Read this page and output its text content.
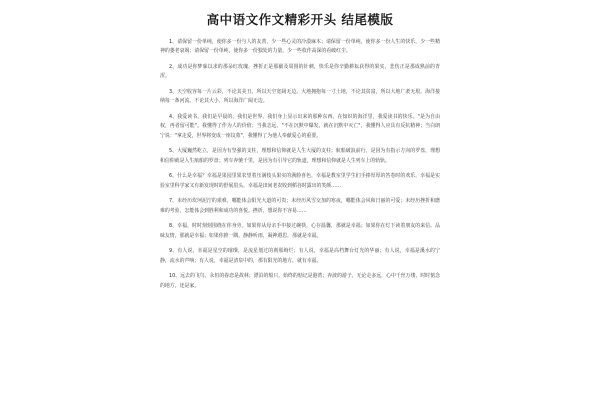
高中语文作文精彩开头 结尾模版

1、请保留一份单纯，使你多一份与人的友善，少一些心灵的冷漠麻木；请保留一份单纯，使你多一份人生的快乐，少一些精神的萎老衰竭；请保留一份单纯，使你多一份独处的力量，少一些枚作高深的看破红尘。

2、成功是你梦寐以求的那朵红玫瑰，挫折正是那截及周围的针刺，快乐是你辛勤耕耘获得的果实，悲伤正是那成熟前的青涩。

3、天空收容每一片云彩，不论其美丑，所以天空宽阔无边。大地拥抱每一寸土地，不论其贫富，所以大地广袤无垠。海洋接纳每一条河流，不论其大小，所以海洋广阔无边。

4、我爱读书，我们是早晨的，我们是世界，我们身上显示出来的那种东西。在知识的海洋里，我爱读书的快乐。"是为自由权，再者留可能"。我懂得了作为人的价值；当我志远，"不在沉默中爆发，就在沉默中灭亡"，我懂得人应具有反抗精神；当白朗宁说："拿走爱，世界将变成一座坟墓"，我懂得了为他人奉献爱心的重要。

5、大厦巍然屹立，是因为有坚强的支柱，理想和信仰就是人生大厦的支柱；航船破浪前行，是因为有指示方向的罗盘，理想和信仰就是人生航船的罗盘；列车奔驰千里，是因为有引导它的轨道，理想和信仰就是人生列车上的轨轨。

6、什么是幸福？幸福是果园里果农望着压满枝头果实的满脸喜色，幸福是教室里学生们手捧厚厚的答卷时的欢乐，幸福是实验室里科学家又有新发现时的舒展眉头，幸福是田间老农收到稻谷时露出的笑颜……

7、未经历坎坷泥泞的艰难，哪能体会阳光大道的可贵；未经历风雪交加的寒夜，哪能体会风和日丽的可爱；未经历挫折和磨难的考验，怎能体会到胜利和成功的喜悦。挫折，想说你不容易……

8、幸福，时时刻刻围绕在你身旁。如果你从母亲手中接过碗筷，心存温馨，那就是幸福；如果你在灯下读着朋友的来信，品味友情，那就是幸福；如果你推一隅，静静听雨，凝神遐思，那就是幸福。

9、有人说，幸福是星空的璀璨，是流星划过的刹那绚烂；有人说，幸福是高档舞台灯光的华丽；有人说，幸福是溪水的宁静，流水的声响；有人说，幸福是清泉中的，那有阳光的地方，就有幸福。

10、远去的飞鸟，永恒的眷恋是故林；漂泊的船只，始终的惦记是港湾；奔波的游子，无论走多远，心中千丝万缕，时时惦念的地方，还是家。
